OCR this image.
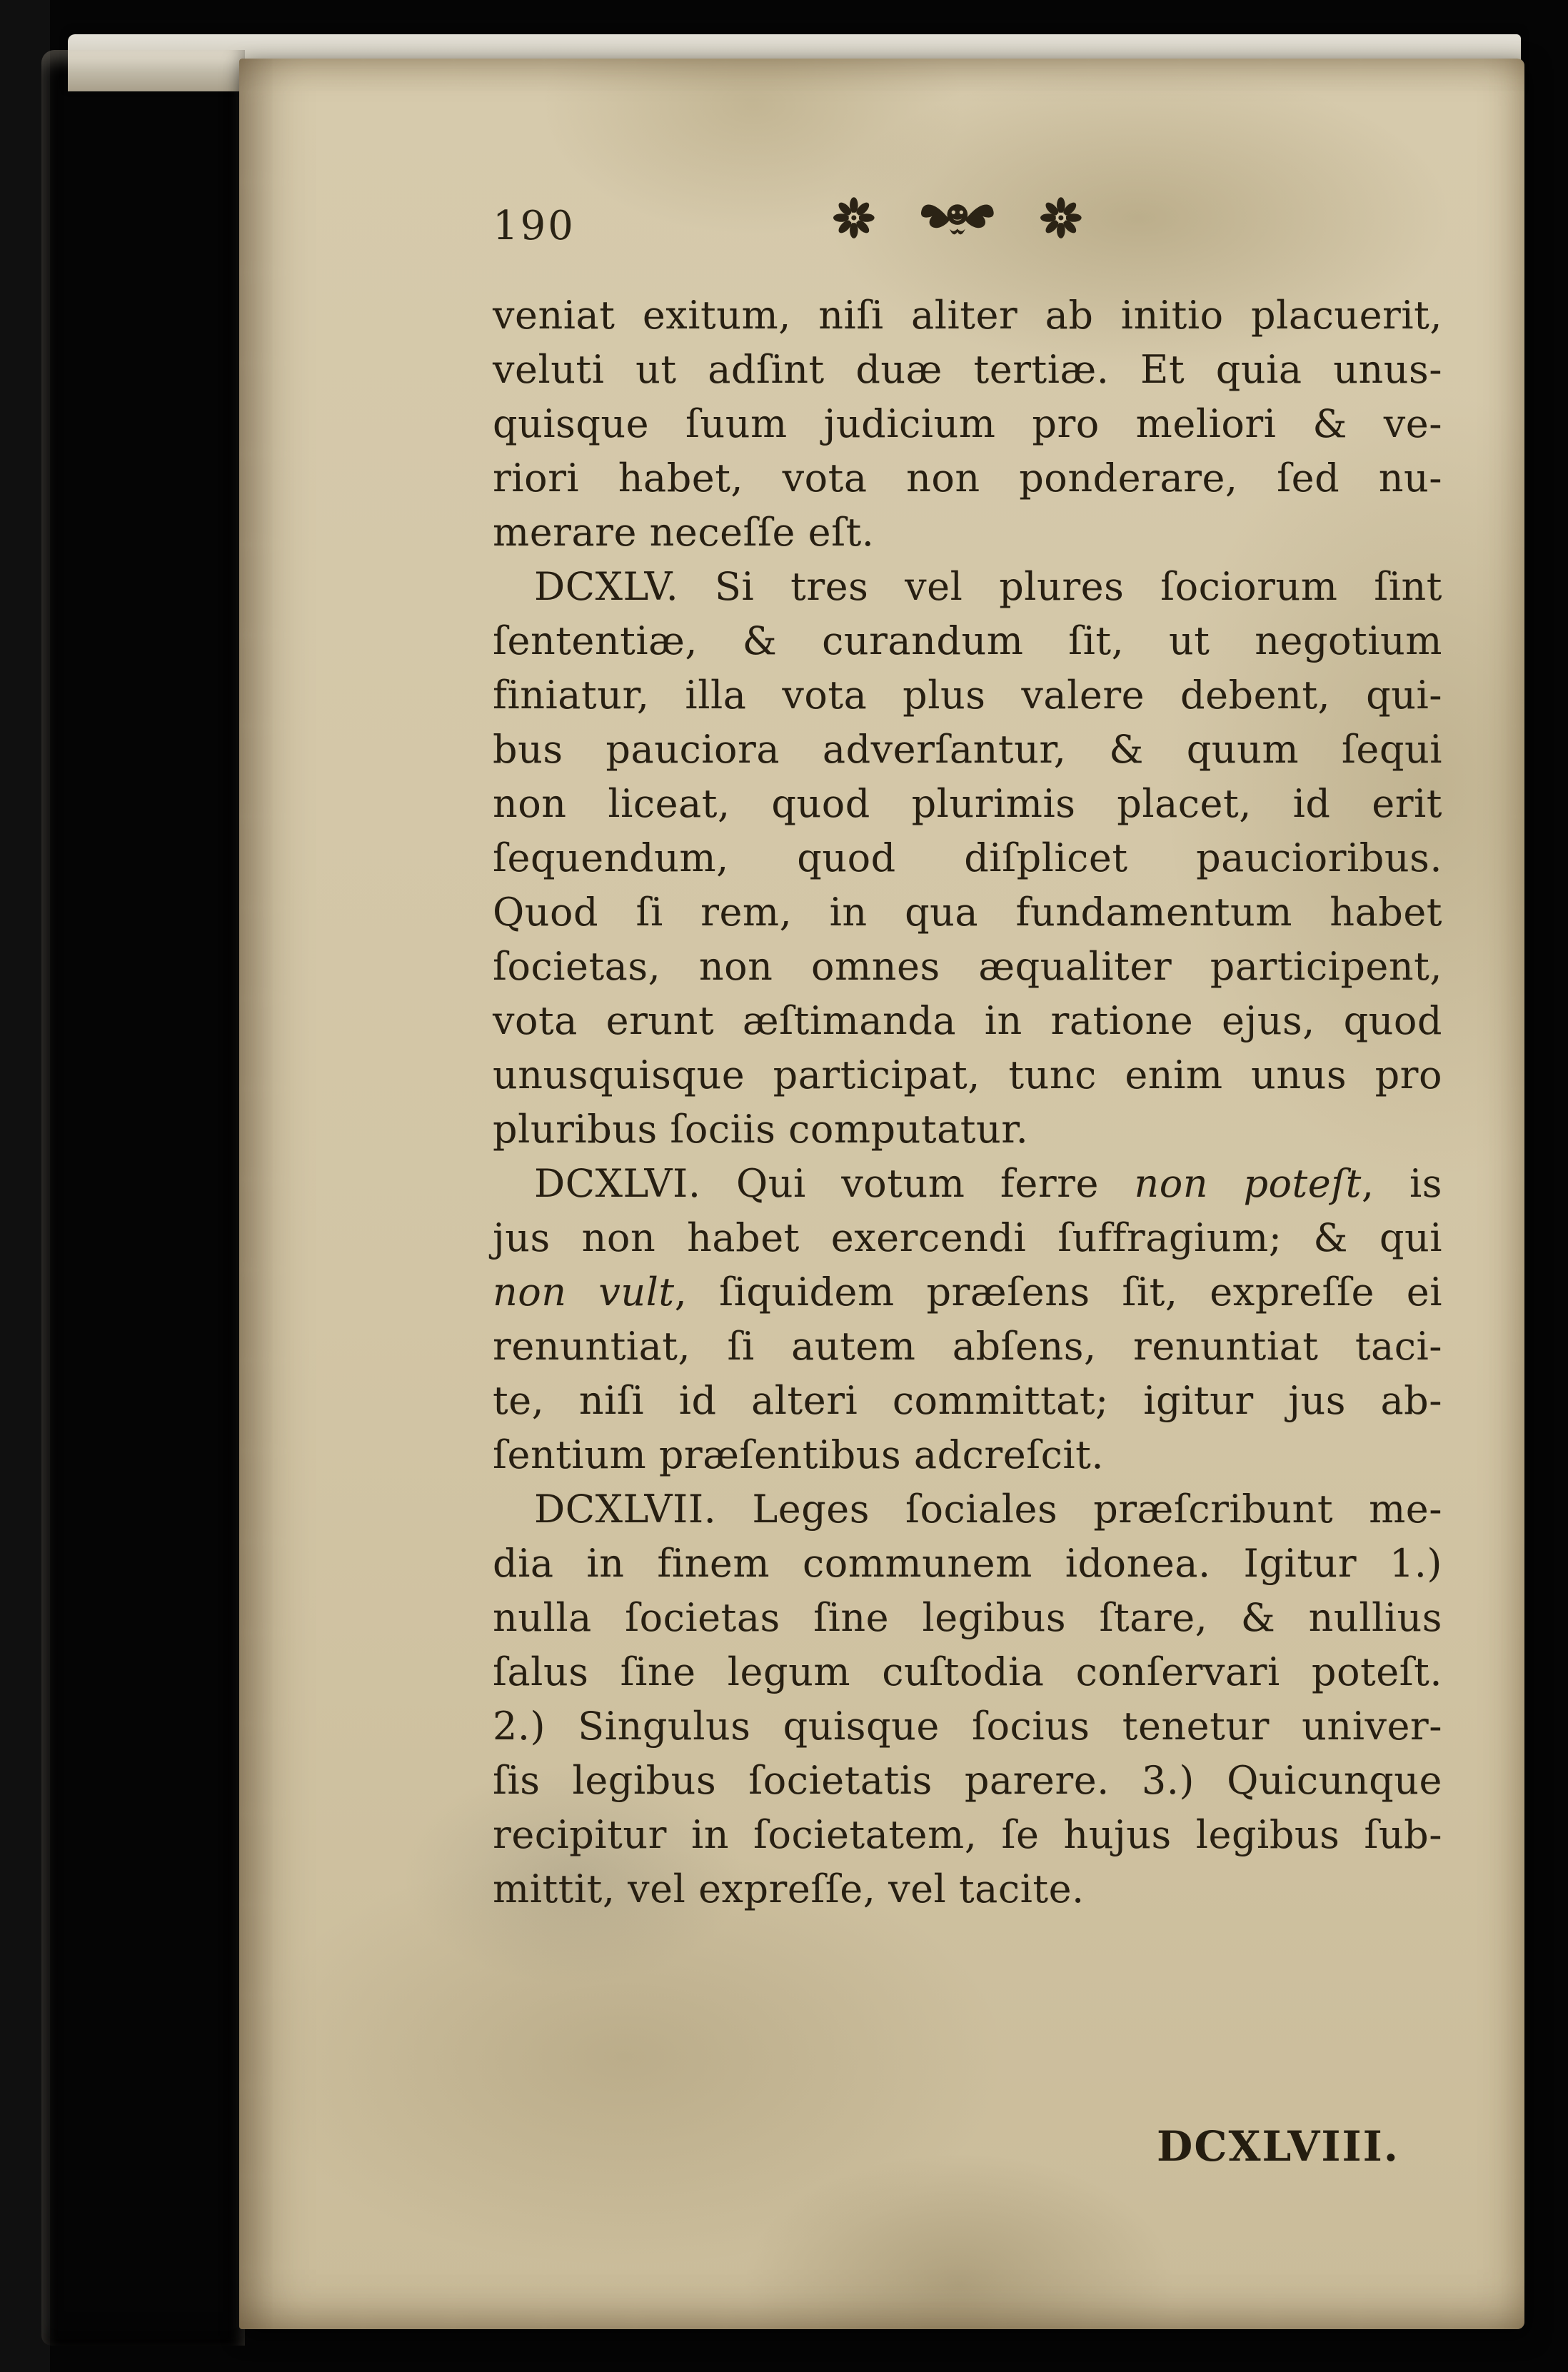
190
veniat exitum, niſi aliter ab initio placuerit,
veluti ut adſint duæ tertiæ. Et quia unus-
quisque ſuum judicium pro meliori & ve-
riori habet, vota non ponderare, ſed nu-
merare neceſſe eſt.
DCXLV. Si tres vel plures ſociorum ſint
ſententiæ, & curandum ſit, ut negotium
finiatur, illa vota plus valere debent, qui-
bus pauciora adverſantur, & quum ſequi
non liceat, quod plurimis placet, id erit
ſequendum, quod diſplicet paucioribus.
Quod ſi rem, in qua fundamentum habet
ſocietas, non omnes æqualiter participent,
vota erunt æſtimanda in ratione ejus, quod
unusquisque participat, tunc enim unus pro
pluribus ſociis computatur.
DCXLVI. Qui votum ferre non poteſt, is
jus non habet exercendi ſuffragium; & qui
non vult, ſiquidem præſens ſit, expreſſe ei
renuntiat, ſi autem abſens, renuntiat taci-
te, niſi id alteri committat; igitur jus ab-
ſentium præſentibus adcreſcit.
DCXLVII. Leges ſociales præſcribunt me-
dia in finem communem idonea. Igitur 1.)
nulla ſocietas ſine legibus ſtare, & nullius
ſalus ſine legum cuſtodia conſervari poteſt.
2.) Singulus quisque ſocius tenetur univer-
ſis legibus ſocietatis parere. 3.) Quicunque
recipitur in ſocietatem, ſe hujus legibus ſub-
mittit, vel expreſſe, vel tacite.
DCXLVIII.
